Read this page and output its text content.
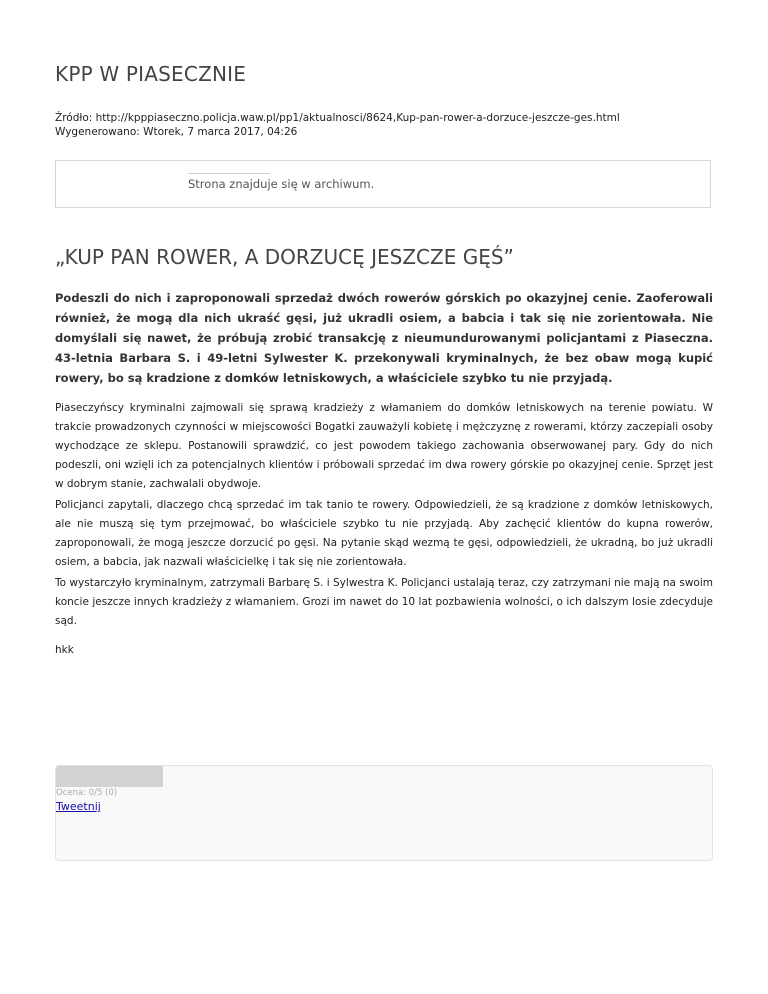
KPP W PIASECZNIE
Źródło: http://kpppiaseczno.policja.waw.pl/pp1/aktualnosci/8624,Kup-pan-rower-a-dorzuce-jeszcze-ges.html
Wygenerowano: Wtorek, 7 marca 2017, 04:26
Strona znajduje się w archiwum.
„KUP PAN ROWER, A DORZUCĘ JESZCZE GĘŚ”

Podeszli do nich i zaproponowali sprzedaż dwóch rowerów górskich po okazyjnej cenie. Zaoferowali również, że mogą dla nich ukraść gęsi, już ukradli osiem, a babcia i tak się nie zorientowała. Nie domyślali się nawet, że próbują zrobić transakcję z nieumundurowanymi policjantami z Piaseczna. 43-letnia Barbara S. i 49-letni Sylwester K. przekonywali kryminalnych, że bez obaw mogą kupić rowery, bo są kradzione z domków letniskowych, a właściciele szybko tu nie przyjadą.

Piaseczyńscy kryminalni zajmowali się sprawą kradzieży z włamaniem do domków letniskowych na terenie powiatu. W trakcie prowadzonych czynności w miejscowości Bogatki zauważyli kobietę i mężczyznę z rowerami, którzy zaczepiali osoby wychodzące ze sklepu. Postanowili sprawdzić, co jest powodem takiego zachowania obserwowanej pary. Gdy do nich podeszli, oni wzięli ich za potencjalnych klientów i próbowali sprzedać im dwa rowery górskie po okazyjnej cenie. Sprzęt jest w dobrym stanie, zachwalali obydwoje.

Policjanci zapytali, dlaczego chcą sprzedać im tak tanio te rowery. Odpowiedzieli, że są kradzione z domków letniskowych, ale nie muszą się tym przejmować, bo właściciele szybko tu nie przyjadą. Aby zachęcić klientów do kupna rowerów, zaproponowali, że mogą jeszcze dorzucić po gęsi. Na pytanie skąd wezmą te gęsi, odpowiedzieli, że ukradną, bo już ukradli osiem, a babcia, jak nazwali właścicielkę i tak się nie zorientowała.

To wystarczyło kryminalnym, zatrzymali Barbarę S. i Sylwestra K. Policjanci ustalają teraz, czy zatrzymani nie mają na swoim koncie jeszcze innych kradzieży z włamaniem. Grozi im nawet do 10 lat pozbawienia wolności, o ich dalszym losie zdecyduje sąd.

hkk

Ocena: 0/5 (0)
Tweetnij
